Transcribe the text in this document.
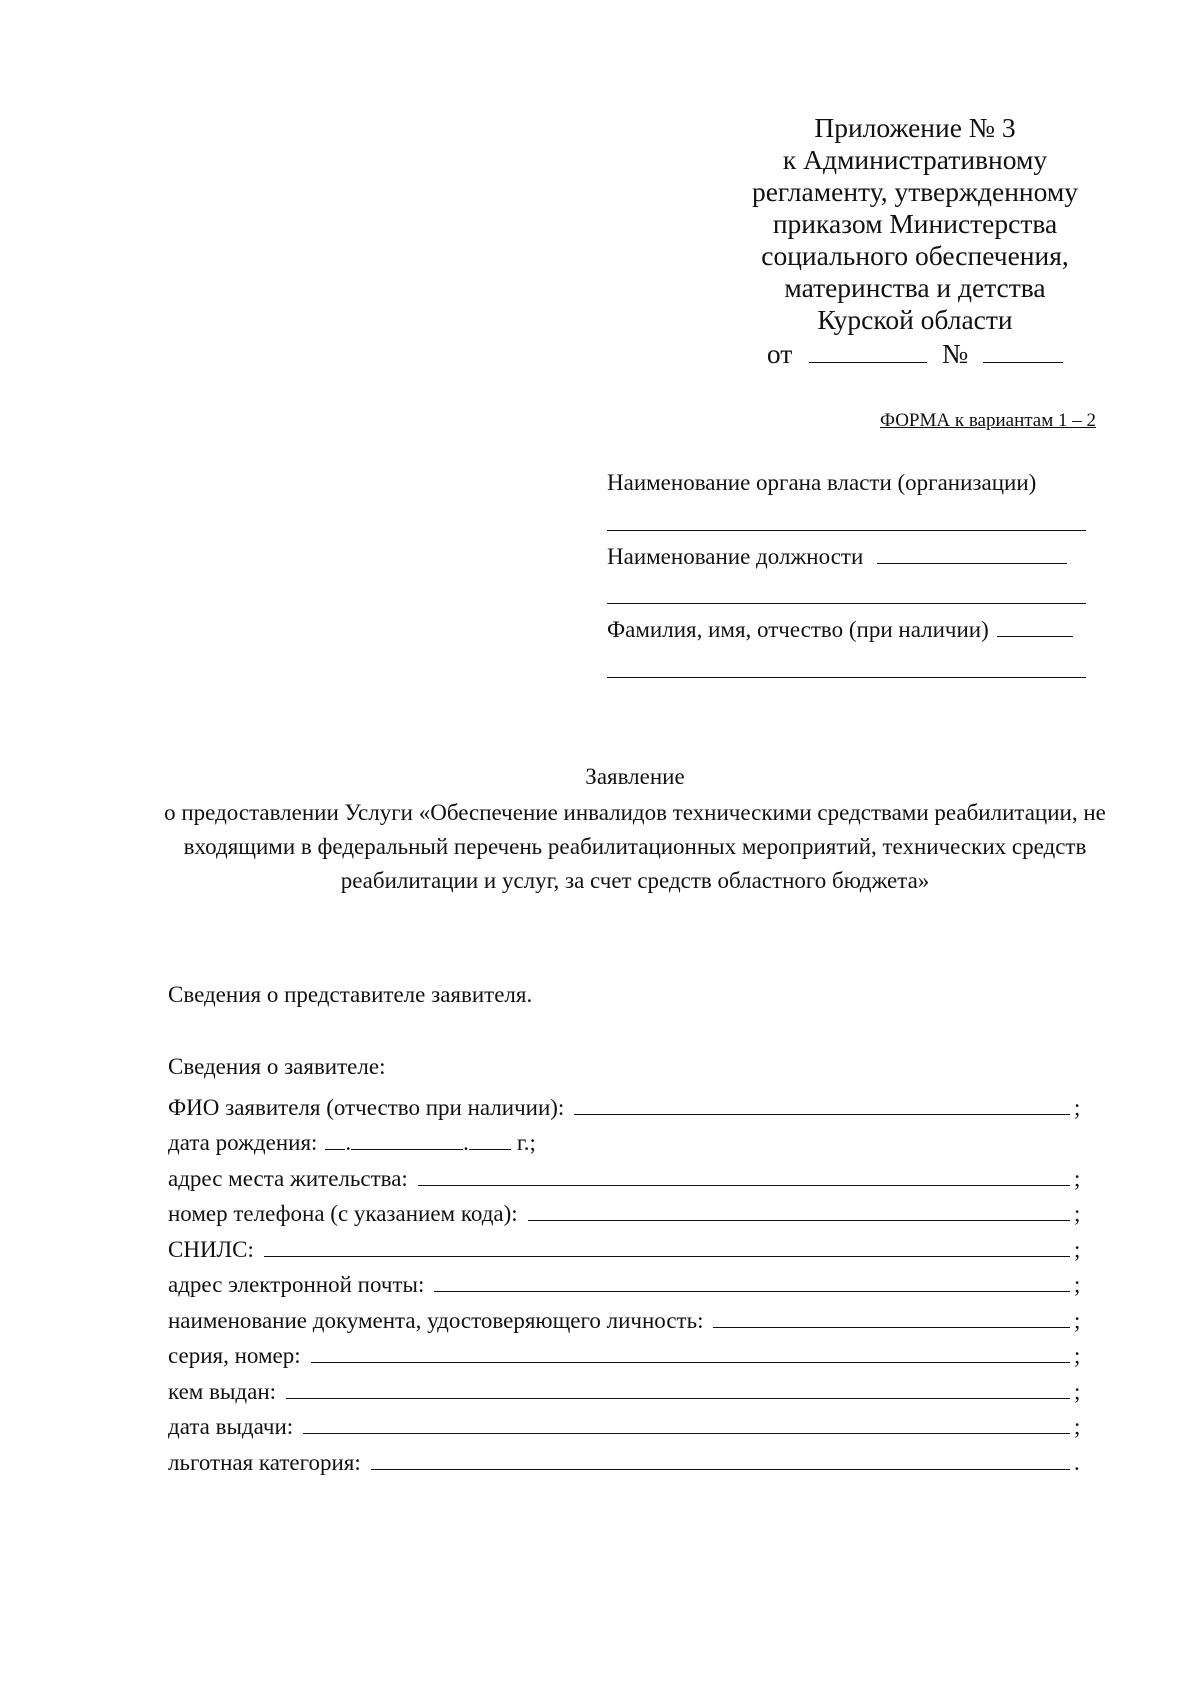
Приложение № 3
к Административному
регламенту, утвержденному
приказом Министерства
социального обеспечения,
материнства и детства
Курской области
от	№
ФОРМА к вариантам 1 – 2
Наименование органа власти (организации)
Наименование должности
Фамилия, имя, отчество (при наличии)
Заявление
о предоставлении Услуги «Обеспечение инвалидов техническими средствами реабилитации, не входящими в федеральный перечень реабилитационных мероприятий, технических средств реабилитации и услуг, за счет средств областного бюджета»
Сведения о представителе заявителя.
Сведения о заявителе:
ФИО заявителя (отчество при наличии):	;
дата рождения: .	. г.;
адрес места жительства:	;
номер телефона (с указанием кода):	;
СНИЛС:	;
адрес электронной почты:	;
наименование документа, удостоверяющего личность:	;
серия, номер:	;
кем выдан:	;
дата выдачи:	;
льготная категория:	.
